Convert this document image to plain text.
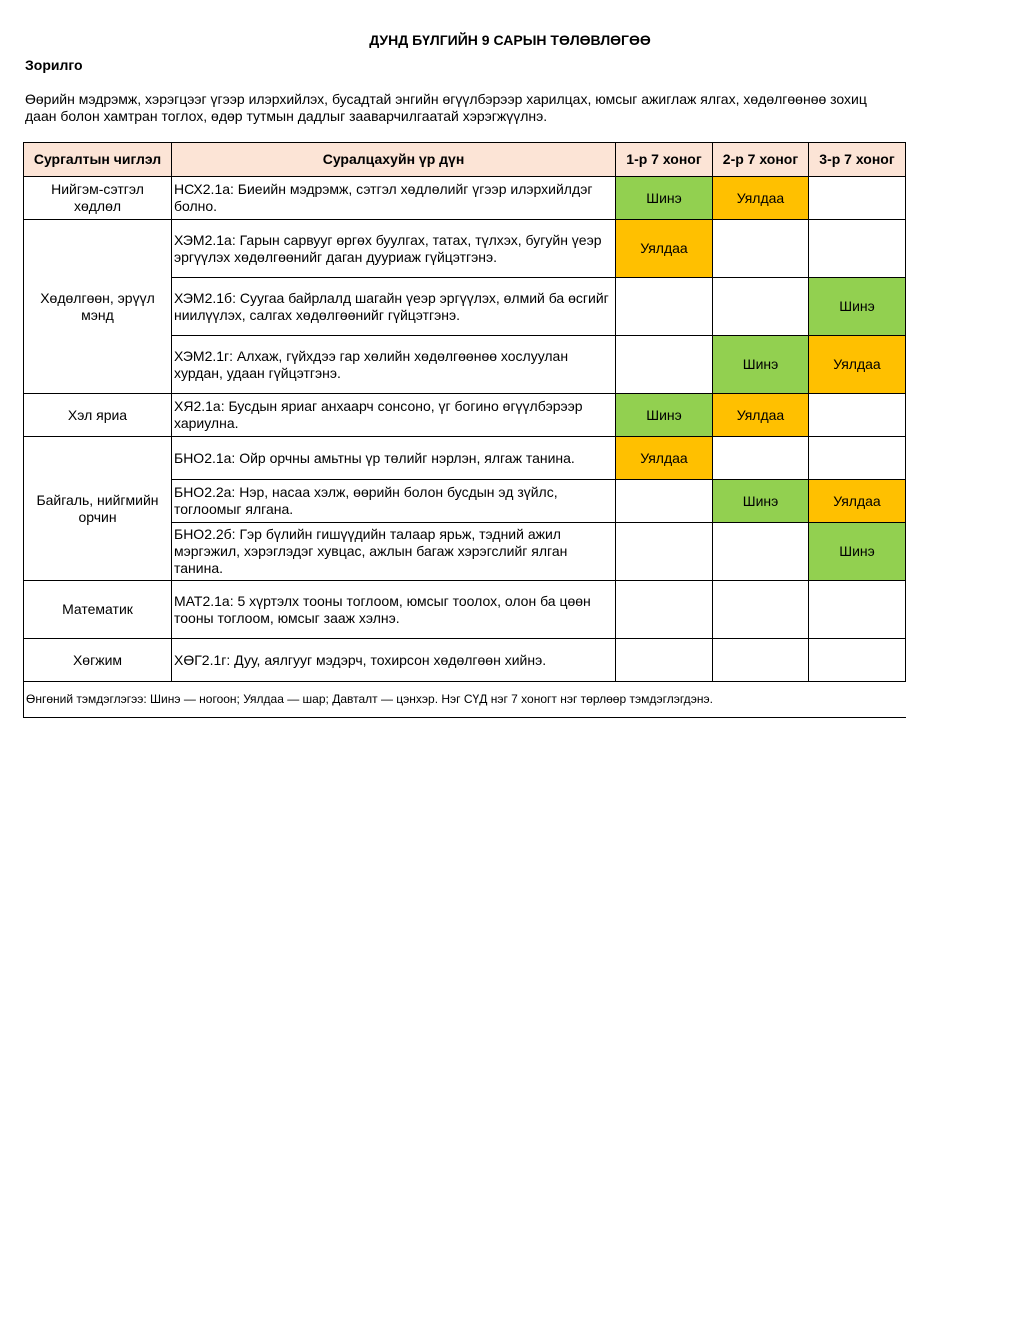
ДУНД БҮЛГИЙН 9 САРЫН ТӨЛӨВЛӨГӨӨ
Зорилго
Өөрийн мэдрэмж, хэрэгцээг үгээр илэрхийлэх, бусадтай энгийн өгүүлбэрээр харилцах, юмсыг ажиглаж ялгах, хөдөлгөөнөө зохиц
даан болон хамтран тоглох, өдөр тутмын дадлыг зааварчилгаатай хэрэгжүүлнэ.
Сургалтын чиглэл	Суралцахуйн үр дүн	1-р 7 хоног	2-р 7 хоног	3-р 7 хоног
Нийгэм-сэтгэл хөдлөл	НСХ2.1а: Биеийн мэдрэмж, сэтгэл хөдлөлийг үгээр илэрхийлдэг болно.	Шинэ	Уялдаа	
Хөдөлгөөн, эрүүл мэнд	ХЭМ2.1а: Гарын сарвууг өргөх буулгах, татах, түлхэх, бугуйн үеэр эргүүлэх хөдөлгөөнийг даган дууриаж гүйцэтгэнэ.	Уялдаа		
	ХЭМ2.1б: Суугаа байрлалд шагайн үеэр эргүүлэх, өлмий ба өсгийг ниилүүлэх, салгах хөдөлгөөнийг гүйцэтгэнэ.			Шинэ
	ХЭМ2.1г: Алхаж, гүйхдээ гар хөлийн хөдөлгөөнөө хослуулан хурдан, удаан гүйцэтгэнэ.		Шинэ	Уялдаа
Хэл яриа	ХЯ2.1а: Бусдын яриаг анхаарч сонсоно, үг богино өгүүлбэрээр хариулна.	Шинэ	Уялдаа	
Байгаль, нийгмийн орчин	БНО2.1а: Ойр орчны амьтны үр төлийг нэрлэн, ялгаж танина.	Уялдаа		
	БНО2.2а: Нэр, насаа хэлж, өөрийн болон бусдын эд зүйлс, тоглоомыг ялгана.		Шинэ	Уялдаа
	БНО2.2б: Гэр бүлийн гишүүдийн талаар ярьж, тэдний ажил мэргэжил, хэрэглэдэг хувцас, ажлын багаж хэрэгслийг ялган танина.			Шинэ
Математик	МАТ2.1а: 5 хүртэлх тооны тоглоом, юмсыг тоолох, олон ба цөөн тооны тоглоом, юмсыг зааж хэлнэ.			
Хөгжим	ХӨГ2.1г: Дуу, аялгууг мэдэрч, тохирсон хөдөлгөөн хийнэ.			
Өнгөний тэмдэглэгээ: Шинэ — ногоон; Уялдаа — шар; Давталт — цэнхэр. Нэг СҮД нэг 7 хоногт нэг төрлөөр тэмдэглэгдэнэ.				
